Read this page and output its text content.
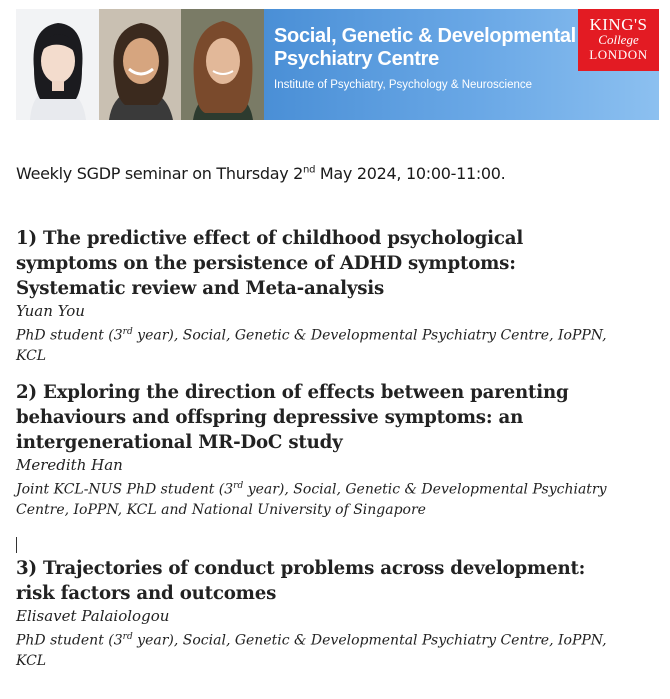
Social, Genetic & Developmental
Psychiatry Centre
Institute of Psychiatry, Psychology & Neuroscience
KING'S
College
LONDON
Weekly SGDP seminar on Thursday 2nd May 2024, 10:00-11:00.
1) The predictive effect of childhood psychological symptoms on the persistence of ADHD symptoms: Systematic review and Meta-analysis
Yuan You
PhD student (3rd year), Social, Genetic & Developmental Psychiatry Centre, IoPPN, KCL
2) Exploring the direction of effects between parenting behaviours and offspring depressive symptoms: an intergenerational MR-DoC study
Meredith Han
Joint KCL-NUS PhD student (3rd year), Social, Genetic & Developmental Psychiatry Centre, IoPPN, KCL and National University of Singapore
3) Trajectories of conduct problems across development: risk factors and outcomes
Elisavet Palaiologou
PhD student (3rd year), Social, Genetic & Developmental Psychiatry Centre, IoPPN, KCL
